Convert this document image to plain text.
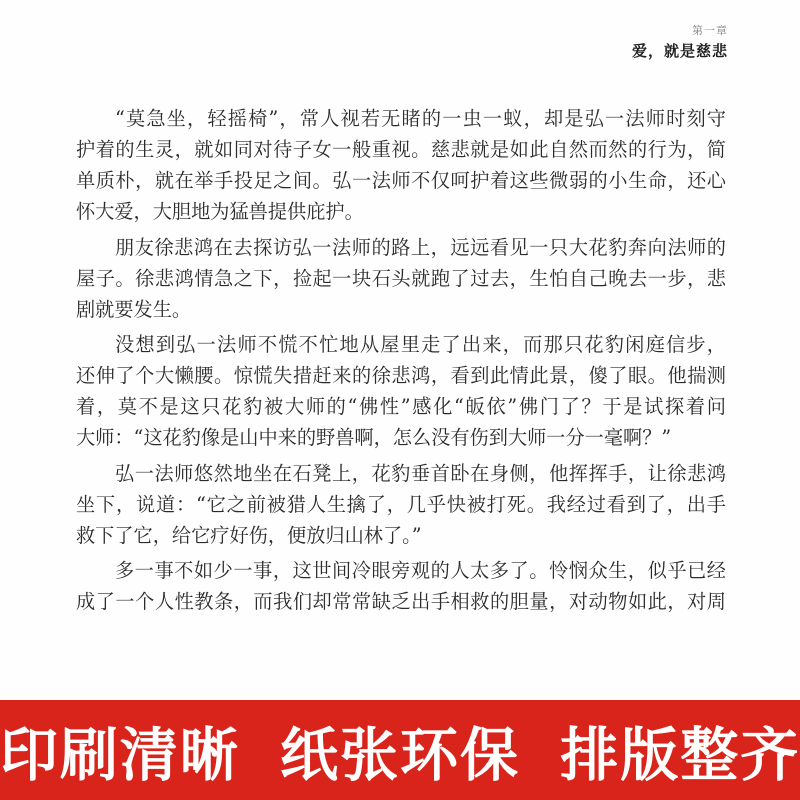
第一章
爱，就是慈悲
“莫急坐，轻摇椅”，常人视若无睹的一虫一蚁，却是弘一法师时刻守
护着的生灵，就如同对待子女一般重视。慈悲就是如此自然而然的行为，简
单质朴，就在举手投足之间。弘一法师不仅呵护着这些微弱的小生命，还心
怀大爱，大胆地为猛兽提供庇护。
朋友徐悲鸿在去探访弘一法师的路上，远远看见一只大花豹奔向法师的
屋子。徐悲鸿情急之下，捡起一块石头就跑了过去，生怕自己晚去一步，悲
剧就要发生。
没想到弘一法师不慌不忙地从屋里走了出来，而那只花豹闲庭信步，
还伸了个大懒腰。惊慌失措赶来的徐悲鸿，看到此情此景，傻了眼。他揣测
着，莫不是这只花豹被大师的“佛性”感化“皈依”佛门了？于是试探着问
大师：“这花豹像是山中来的野兽啊，怎么没有伤到大师一分一毫啊？”
弘一法师悠然地坐在石凳上，花豹垂首卧在身侧，他挥挥手，让徐悲鸿
坐下，说道：“它之前被猎人生擒了，几乎快被打死。我经过看到了，出手
救下了它，给它疗好伤，便放归山林了。”
多一事不如少一事，这世间冷眼旁观的人太多了。怜悯众生，似乎已经
成了一个人性教条，而我们却常常缺乏出手相救的胆量，对动物如此，对周
印刷清晰 纸张环保 排版整齐
